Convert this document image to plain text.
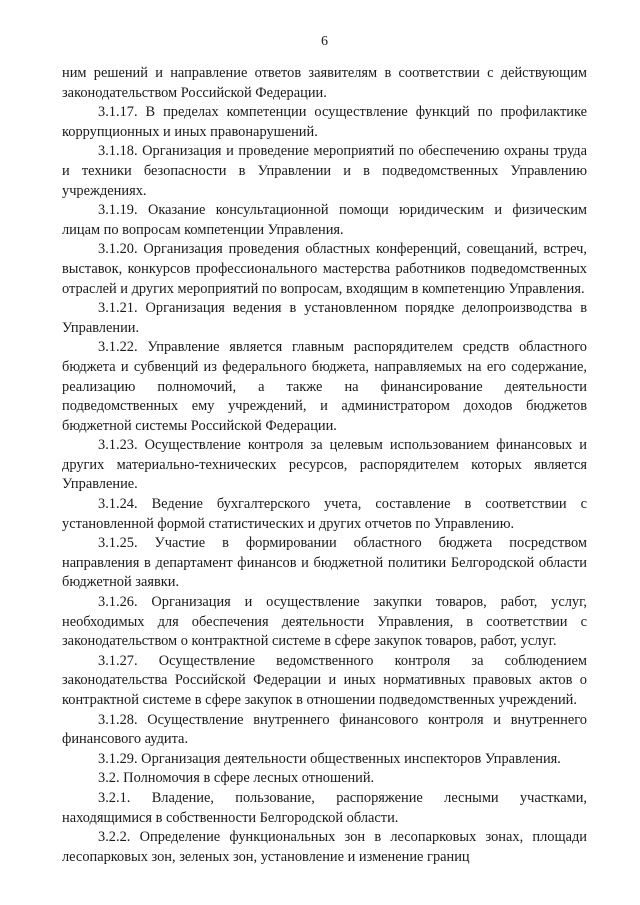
6

ним решений и направление ответов заявителям в соответствии с действующим законодательством Российской Федерации.

3.1.17. В пределах компетенции осуществление функций по профилактике коррупционных и иных правонарушений.

3.1.18. Организация и проведение мероприятий по обеспечению охраны труда и техники безопасности в Управлении и в подведомственных Управлению учреждениях.

3.1.19. Оказание консультационной помощи юридическим и физическим лицам по вопросам компетенции Управления.

3.1.20. Организация проведения областных конференций, совещаний, встреч, выставок, конкурсов профессионального мастерства работников подведомственных отраслей и других мероприятий по вопросам, входящим в компетенцию Управления.

3.1.21. Организация ведения в установленном порядке делопроизводства в Управлении.

3.1.22. Управление является главным распорядителем средств областного бюджета и субвенций из федерального бюджета, направляемых на его содержание, реализацию полномочий, а также на финансирование деятельности подведомственных ему учреждений, и администратором доходов бюджетов бюджетной системы Российской Федерации.

3.1.23. Осуществление контроля за целевым использованием финансовых и других материально-технических ресурсов, распорядителем которых является Управление.

3.1.24. Ведение бухгалтерского учета, составление в соответствии с установленной формой статистических и других отчетов по Управлению.

3.1.25. Участие в формировании областного бюджета посредством направления в департамент финансов и бюджетной политики Белгородской области бюджетной заявки.

3.1.26. Организация и осуществление закупки товаров, работ, услуг, необходимых для обеспечения деятельности Управления, в соответствии с законодательством о контрактной системе в сфере закупок товаров, работ, услуг.

3.1.27. Осуществление ведомственного контроля за соблюдением законодательства Российской Федерации и иных нормативных правовых актов о контрактной системе в сфере закупок в отношении подведомственных учреждений.

3.1.28. Осуществление внутреннего финансового контроля и внутреннего финансового аудита.

3.1.29. Организация деятельности общественных инспекторов Управления.

3.2. Полномочия в сфере лесных отношений.

3.2.1. Владение, пользование, распоряжение лесными участками, находящимися в собственности Белгородской области.

3.2.2. Определение функциональных зон в лесопарковых зонах, площади лесопарковых зон, зеленых зон, установление и изменение границ
